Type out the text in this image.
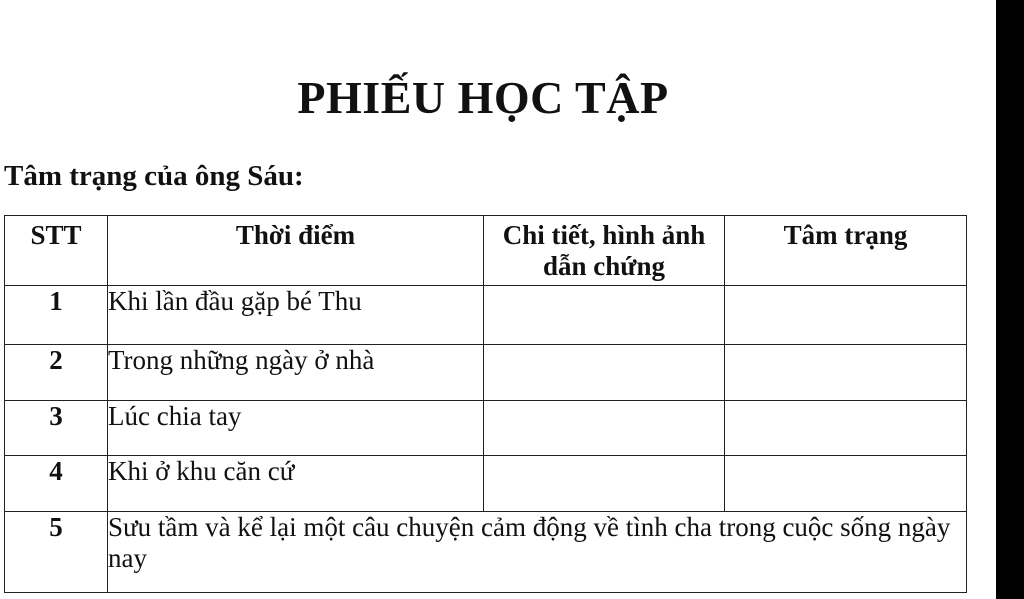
PHIẾU HỌC TẬP
Tâm trạng của ông Sáu:
STT	Thời điểm	Chi tiết, hình ảnh dẫn chứng	Tâm trạng
1	Khi lần đầu gặp bé Thu		
2	Trong những ngày ở nhà		
3	Lúc chia tay		
4	Khi ở khu căn cứ		
5	Sưu tầm và kể lại một câu chuyện cảm động về tình cha trong cuộc sống ngày nay		
